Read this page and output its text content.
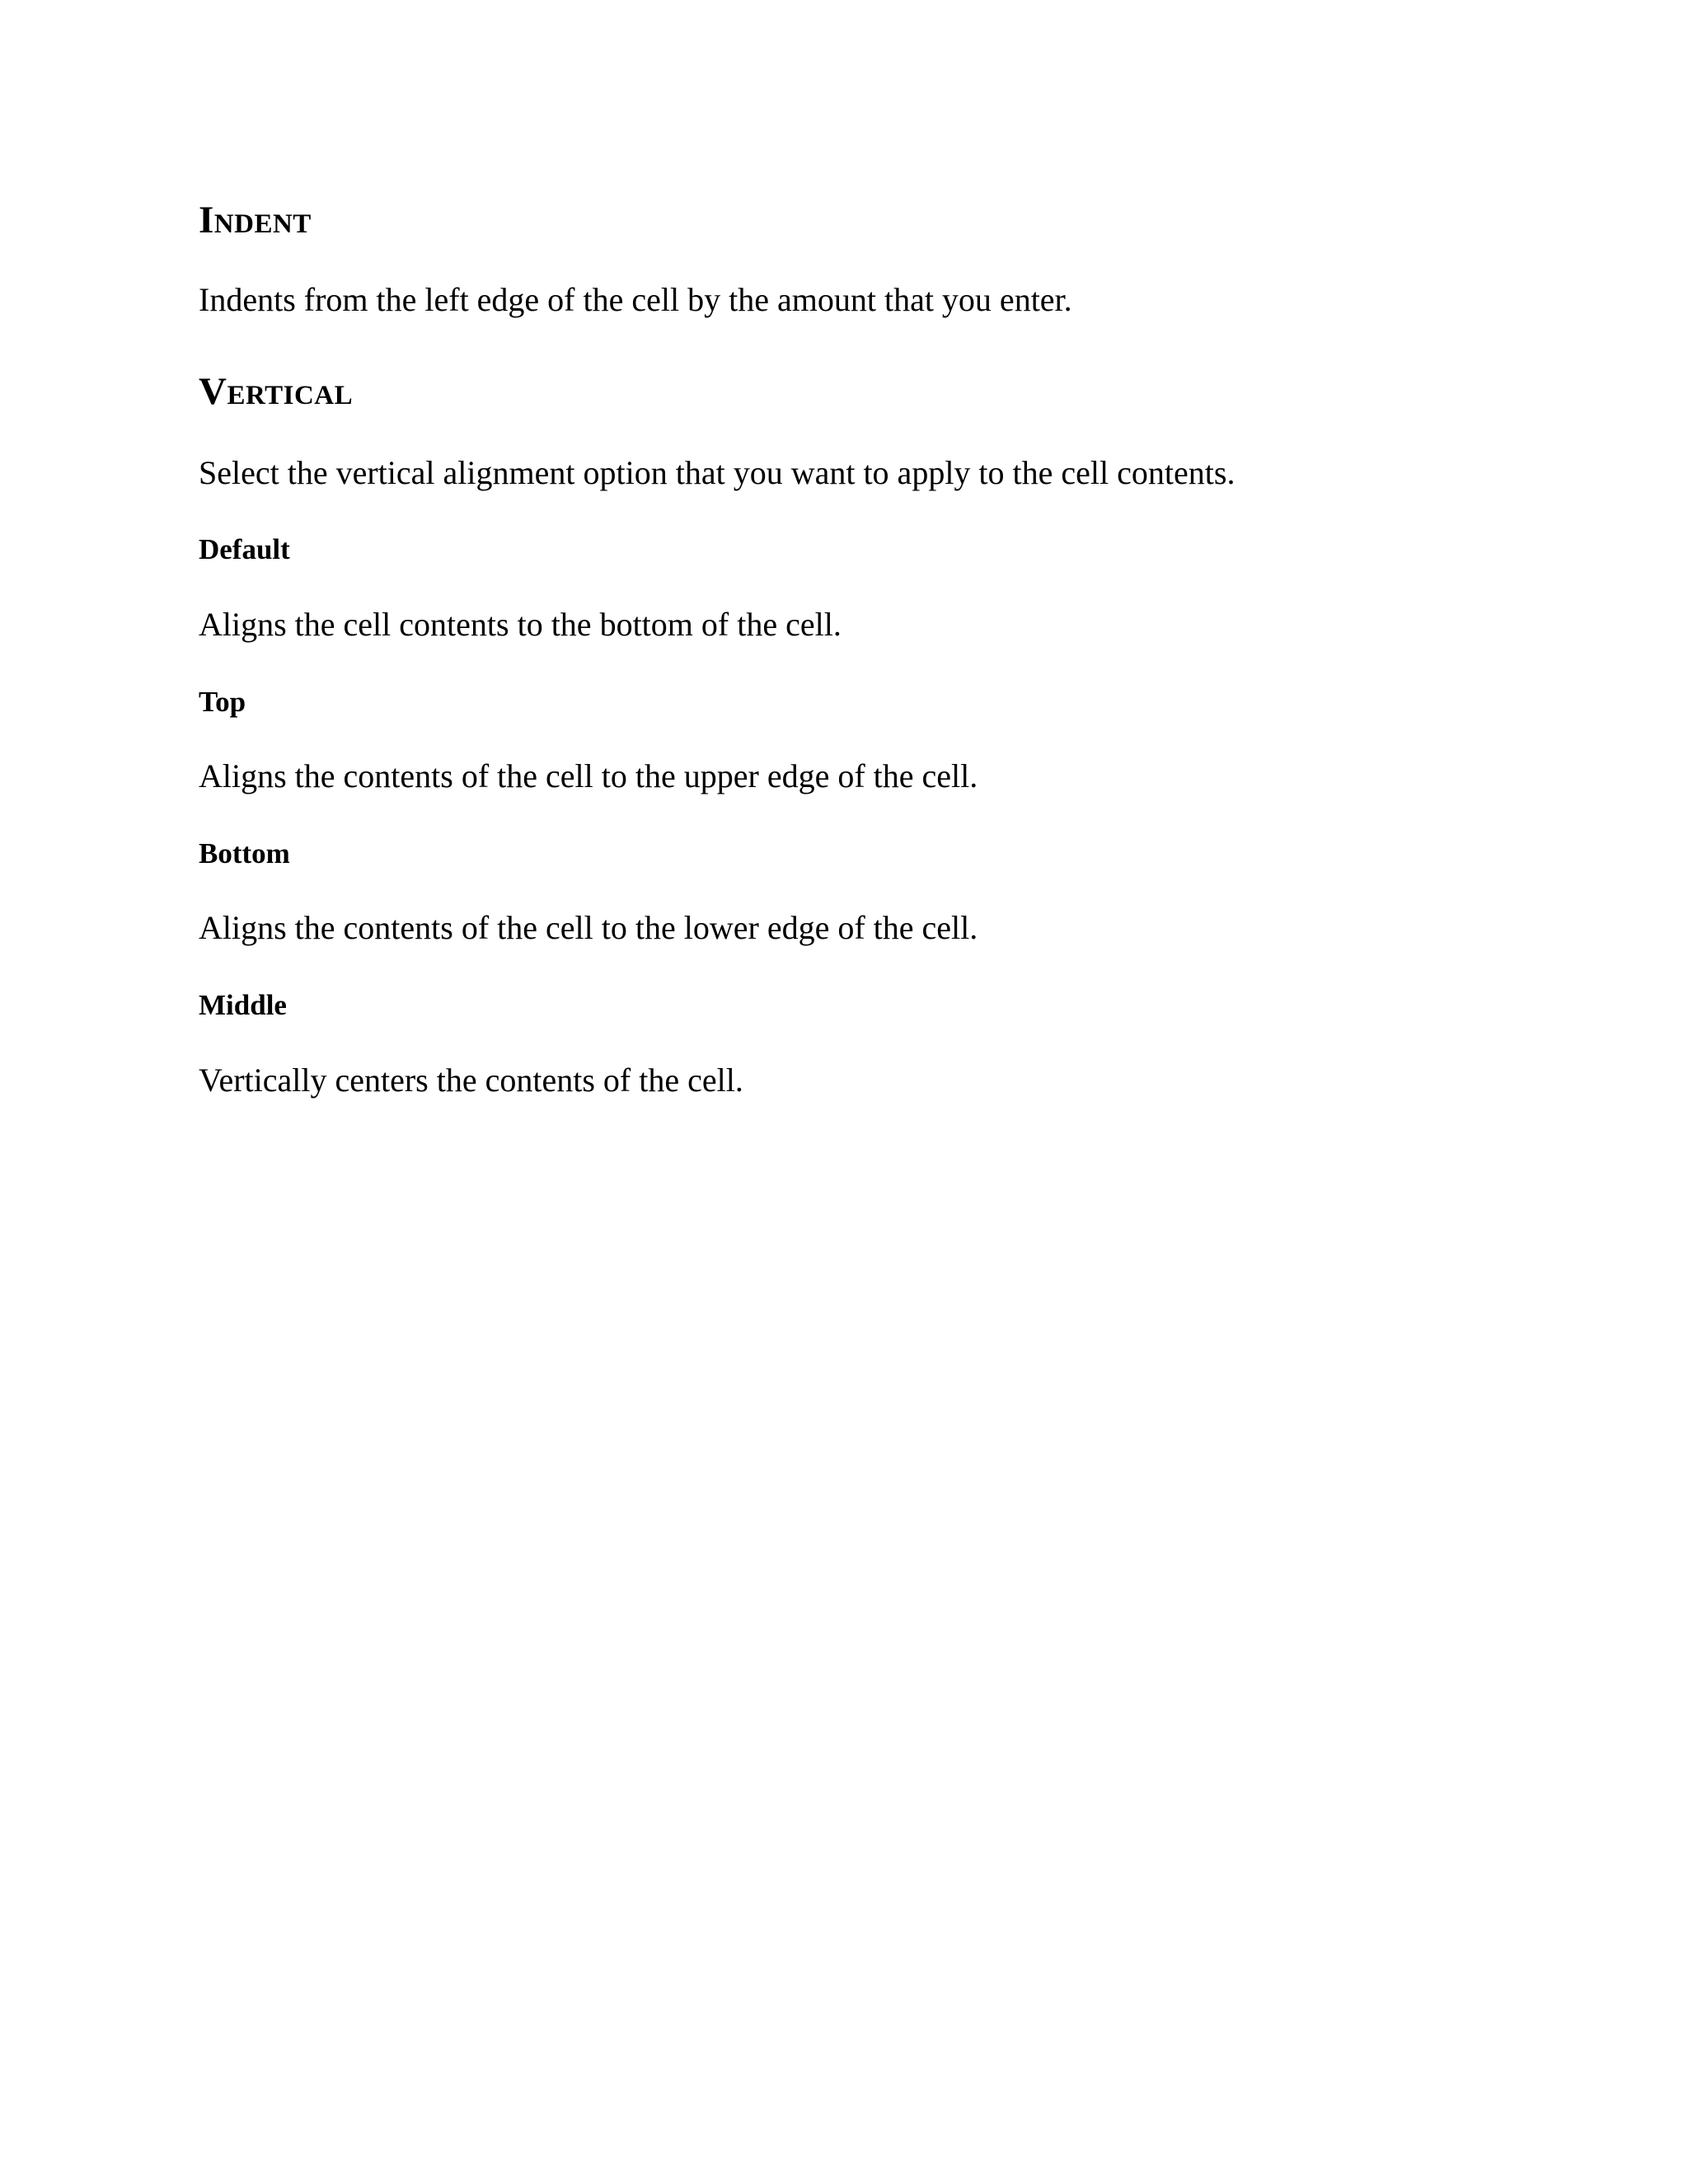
Indent

Indents from the left edge of the cell by the amount that you enter.

Vertical

Select the vertical alignment option that you want to apply to the cell contents.

Default

Aligns the cell contents to the bottom of the cell.

Top

Aligns the contents of the cell to the upper edge of the cell.

Bottom

Aligns the contents of the cell to the lower edge of the cell.

Middle

Vertically centers the contents of the cell.
